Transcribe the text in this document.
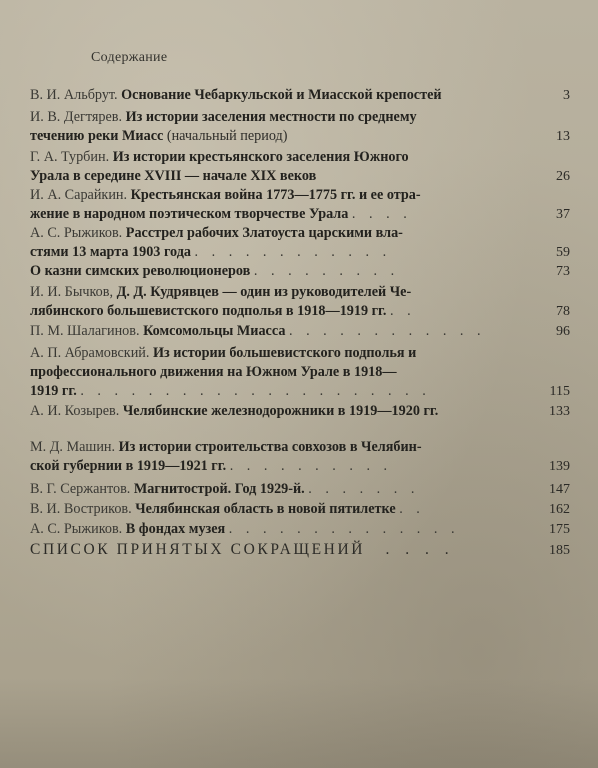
Содержание
В. И. Альбрут. Основание Чебаркульской и Миасской крепостей	3
И. В. Дегтярев. Из истории заселения местности по среднему
течению реки Миасс (начальный период)	13
Г. А. Турбин. Из истории крестьянского заселения Южного
Урала в середине XVIII — начале XIX веков	26
И. А. Сарайкин. Крестьянская война 1773—1775 гг. и ее отра-
жение в народном поэтическом творчестве Урала . . . .	37
А. С. Рыжиков. Расстрел рабочих Златоуста царскими вла-
стями 13 марта 1903 года . . . . . . . . . . . .	59
О казни симских революционеров . . . . . . . . .	73
И. И. Бычков, Д. Д. Кудрявцев — один из руководителей Че-
лябинского большевистского подполья в 1918—1919 гг. . .	78
П. М. Шалагинов. Комсомольцы Миасса . . . . . . . . . . . .	96
А. П. Абрамовский. Из истории большевистского подполья и
профессионального движения на Южном Урале в 1918—
1919 гг. . . . . . . . . . . . . . . . . . . . . .	115
А. И. Козырев. Челябинские железнодорожники в 1919—1920 гг.	133
М. Д. Машин. Из истории строительства совхозов в Челябин-
ской губернии в 1919—1921 гг. . . . . . . . . . .	139
В. Г. Сержантов. Магнитострой. Год 1929-й. . . . . . . .	147
В. И. Востриков. Челябинская область в новой пятилетке . .	162
А. С. Рыжиков. В фондах музея . . . . . . . . . . . . . .	175
СПИСОК ПРИНЯТЫХ СОКРАЩЕНИЙ . . . .	185
